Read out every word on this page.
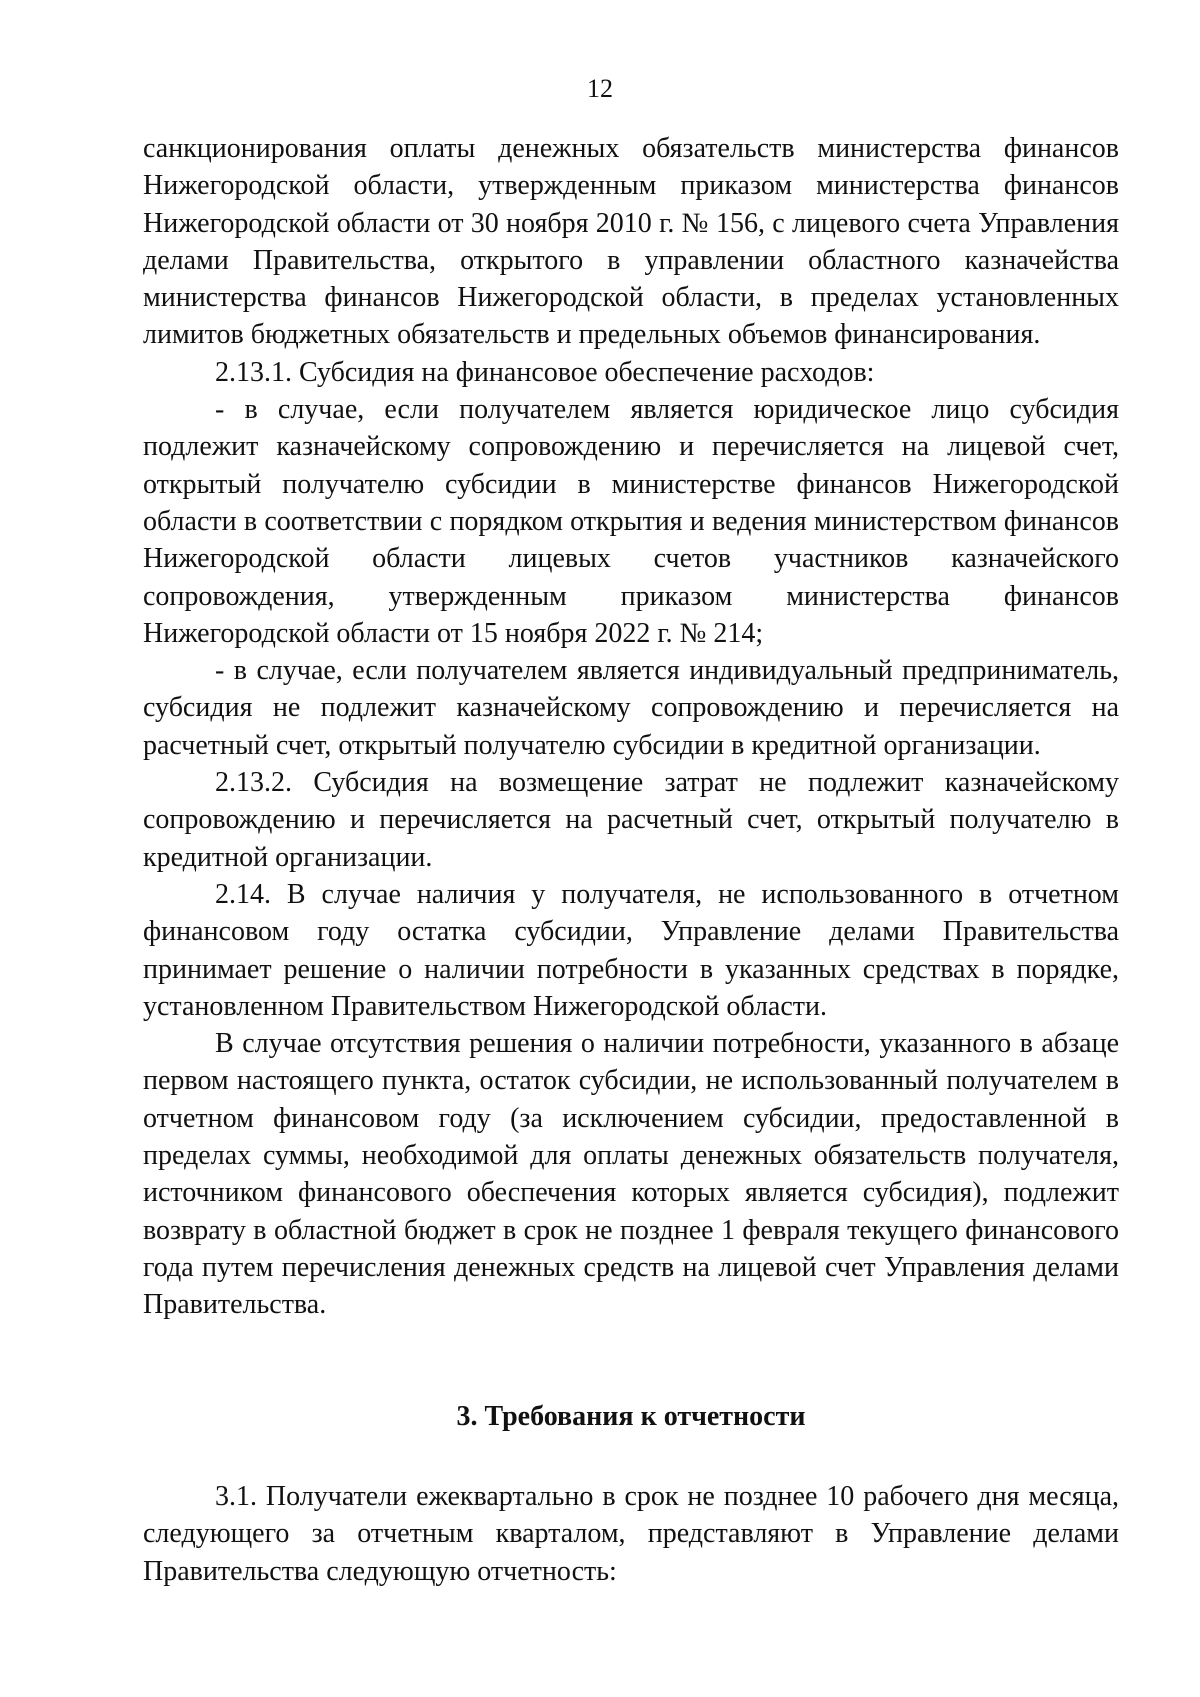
12

санкционирования оплаты денежных обязательств министерства финансов Нижегородской области, утвержденным приказом министерства финансов Нижегородской области от 30 ноября 2010 г. № 156, с лицевого счета Управления делами Правительства, открытого в управлении областного казначейства министерства финансов Нижегородской области, в пределах установленных лимитов бюджетных обязательств и предельных объемов финансирования.

2.13.1. Субсидия на финансовое обеспечение расходов:

- в случае, если получателем является юридическое лицо субсидия подлежит казначейскому сопровождению и перечисляется на лицевой счет, открытый получателю субсидии в министерстве финансов Нижегородской области в соответствии с порядком открытия и ведения министерством финансов Нижегородской области лицевых счетов участников казначейского сопровождения, утвержденным приказом министерства финансов Нижегородской области от 15 ноября 2022 г. № 214;

- в случае, если получателем является индивидуальный предприниматель, субсидия не подлежит казначейскому сопровождению и перечисляется на расчетный счет, открытый получателю субсидии в кредитной организации.

2.13.2. Субсидия на возмещение затрат не подлежит казначейскому сопровождению и перечисляется на расчетный счет, открытый получателю в кредитной организации.

2.14. В случае наличия у получателя, не использованного в отчетном финансовом году остатка субсидии, Управление делами Правительства принимает решение о наличии потребности в указанных средствах в порядке, установленном Правительством Нижегородской области.

В случае отсутствия решения о наличии потребности, указанного в абзаце первом настоящего пункта, остаток субсидии, не использованный получателем в отчетном финансовом году (за исключением субсидии, предоставленной в пределах суммы, необходимой для оплаты денежных обязательств получателя, источником финансового обеспечения которых является субсидия), подлежит возврату в областной бюджет в срок не позднее 1 февраля текущего финансового года путем перечисления денежных средств на лицевой счет Управления делами Правительства.

3. Требования к отчетности

3.1. Получатели ежеквартально в срок не позднее 10 рабочего дня месяца, следующего за отчетным кварталом, представляют в Управление делами Правительства следующую отчетность:
